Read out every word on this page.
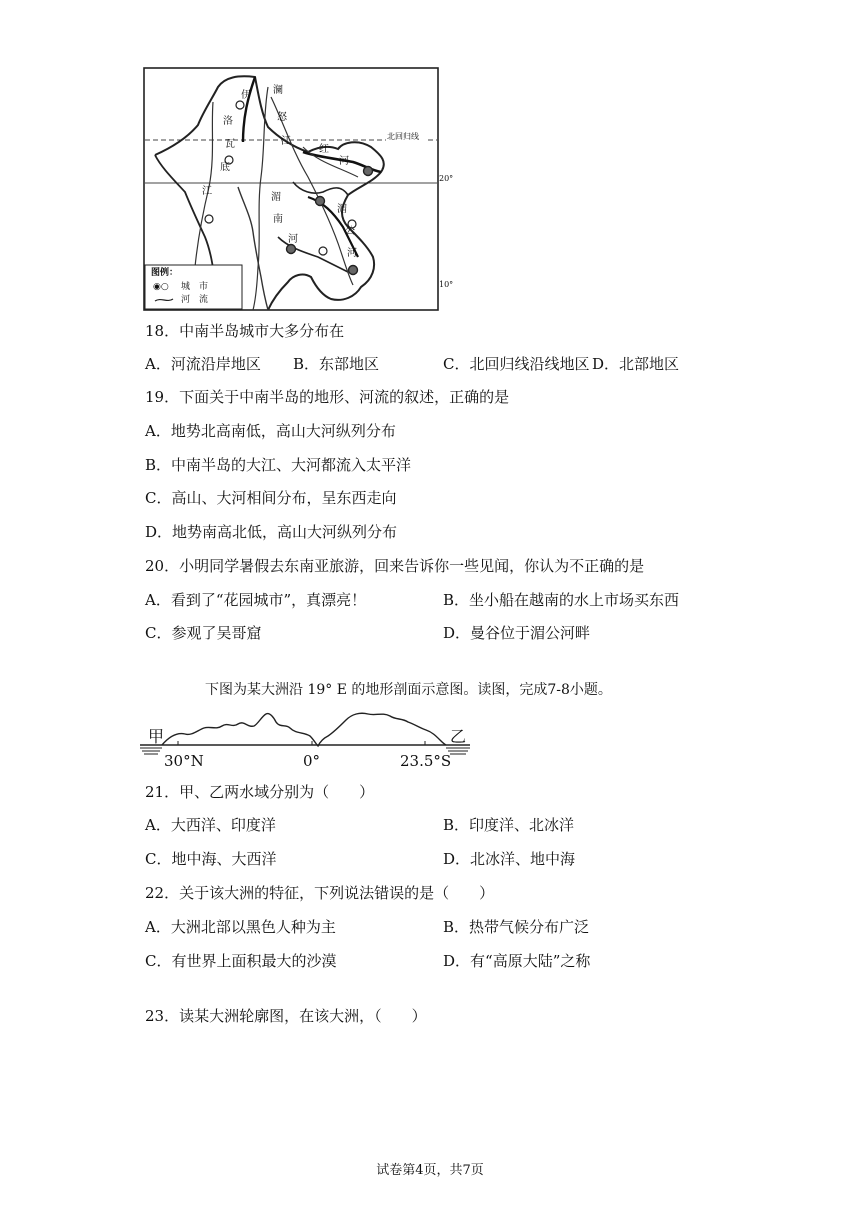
伊
洛
瓦
底
江
澜
怒
江
红
河
湄
南
河
湄
公
河
北回归线
20°
10°
图例：
◉○ 城　市
河　流
18．中南半岛城市大多分布在
A．河流沿岸地区 B．东部地区	C．北回归线沿线地区 D．北部地区
19．下面关于中南半岛的地形、河流的叙述，正确的是
A．地势北高南低，高山大河纵列分布
B．中南半岛的大江、大河都流入太平洋
C．高山、大河相间分布，呈东西走向
D．地势南高北低，高山大河纵列分布
20．小明同学暑假去东南亚旅游，回来告诉你一些见闻，你认为不正确的是
A．看到了“花园城市”，真漂亮！	B．坐小船在越南的水上市场买东西
C．参观了吴哥窟	D．曼谷位于湄公河畔
下图为某大洲沿 19° E 的地形剖面示意图。读图，完成7-8小题。
甲	乙
30°N	0°	23.5°S
21．甲、乙两水域分别为（　　）
A．大西洋、印度洋	B．印度洋、北冰洋
C．地中海、大西洋	D．北冰洋、地中海
22．关于该大洲的特征，下列说法错误的是（　　）
A．大洲北部以黑色人种为主	B．热带气候分布广泛
C．有世界上面积最大的沙漠	D．有“高原大陆”之称
23．读某大洲轮廓图，在该大洲，（　　）
试卷第4页，共7页
